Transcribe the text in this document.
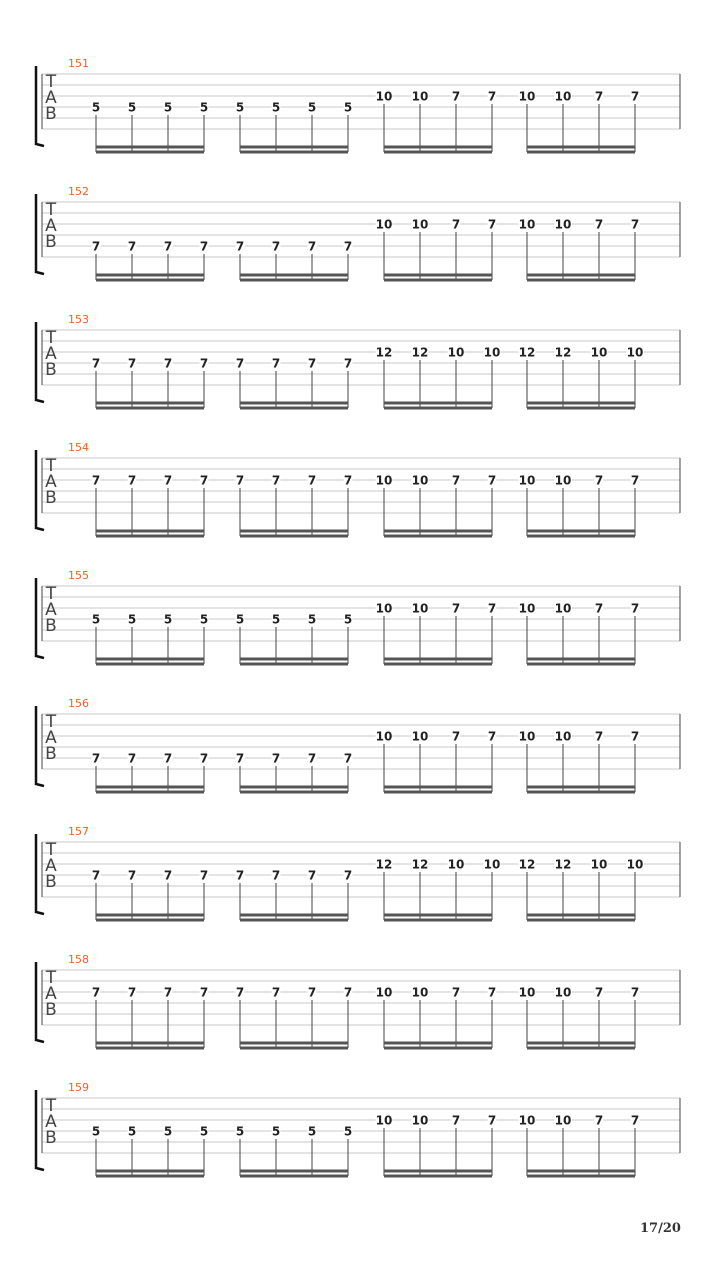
151
T
A
B	5 5 5 5 5 5 5 5
10 10 7 7 10 10 7 7
152
T
A
B	7 7 7 7 7 7 7 7
10 10 7 7 10 10 7 7
153
T
A
B	7 7 7 7 7 7 7 7
12 12 10 10 12 12 10 10
154
T
A
B
7 7 7 7 7 7 7 7 10 10 7 7 10 10 7 7
155
T
A
B	5 5 5 5 5 5 5 5
10 10 7 7 10 10 7 7
156
T
A
B	7 7 7 7 7 7 7 7
10 10 7 7 10 10 7 7
157
T
A
B	7 7 7 7 7 7 7 7
12 12 10 10 12 12 10 10
158
T
A
B
7 7 7 7 7 7 7 7 10 10 7 7 10 10 7 7
159
T
A
B	5 5 5 5 5 5 5 5
10 10 7 7 10 10 7 7
17/20
